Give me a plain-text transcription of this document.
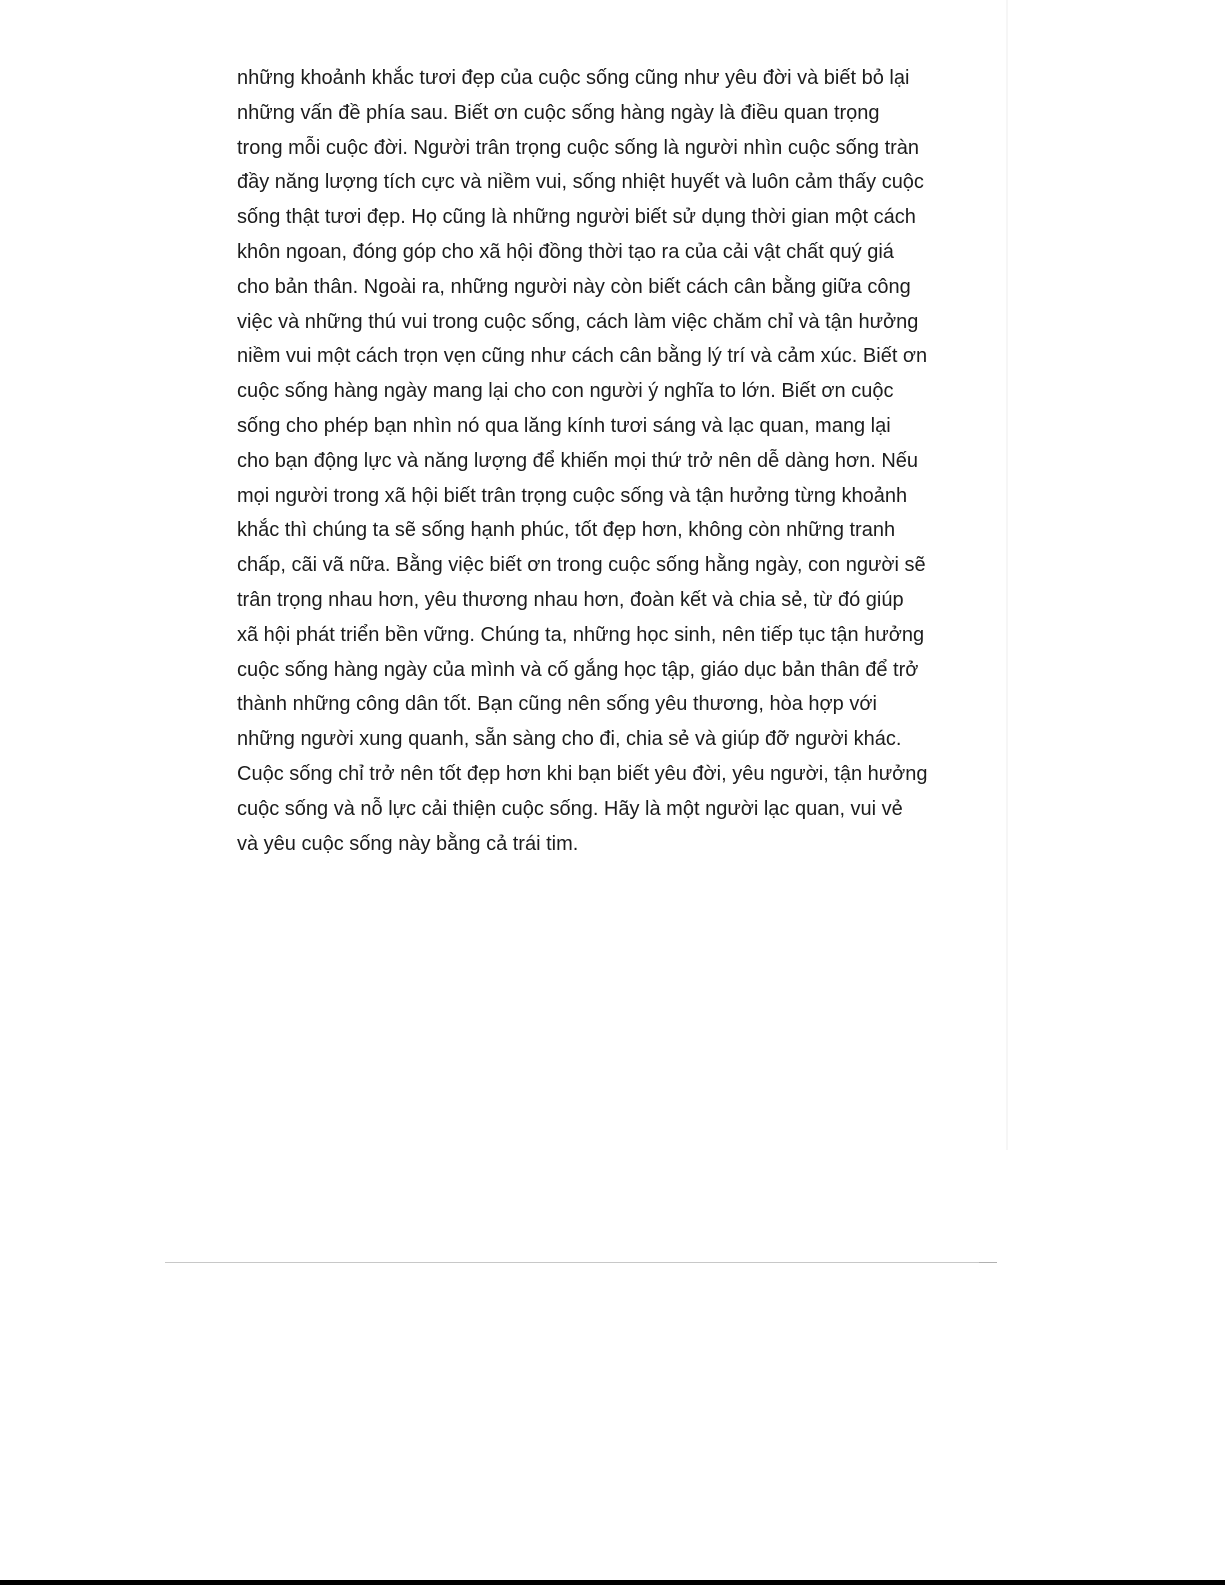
những khoảnh khắc tươi đẹp của cuộc sống cũng như yêu đời và biết bỏ lại
những vấn đề phía sau. Biết ơn cuộc sống hàng ngày là điều quan trọng
trong mỗi cuộc đời. Người trân trọng cuộc sống là người nhìn cuộc sống tràn
đầy năng lượng tích cực và niềm vui, sống nhiệt huyết và luôn cảm thấy cuộc
sống thật tươi đẹp. Họ cũng là những người biết sử dụng thời gian một cách
khôn ngoan, đóng góp cho xã hội đồng thời tạo ra của cải vật chất quý giá
cho bản thân. Ngoài ra, những người này còn biết cách cân bằng giữa công
việc và những thú vui trong cuộc sống, cách làm việc chăm chỉ và tận hưởng
niềm vui một cách trọn vẹn cũng như cách cân bằng lý trí và cảm xúc. Biết ơn
cuộc sống hàng ngày mang lại cho con người ý nghĩa to lớn. Biết ơn cuộc
sống cho phép bạn nhìn nó qua lăng kính tươi sáng và lạc quan, mang lại
cho bạn động lực và năng lượng để khiến mọi thứ trở nên dễ dàng hơn. Nếu
mọi người trong xã hội biết trân trọng cuộc sống và tận hưởng từng khoảnh
khắc thì chúng ta sẽ sống hạnh phúc, tốt đẹp hơn, không còn những tranh
chấp, cãi vã nữa. Bằng việc biết ơn trong cuộc sống hằng ngày, con người sẽ
trân trọng nhau hơn, yêu thương nhau hơn, đoàn kết và chia sẻ, từ đó giúp
xã hội phát triển bền vững. Chúng ta, những học sinh, nên tiếp tục tận hưởng
cuộc sống hàng ngày của mình và cố gắng học tập, giáo dục bản thân để trở
thành những công dân tốt. Bạn cũng nên sống yêu thương, hòa hợp với
những người xung quanh, sẵn sàng cho đi, chia sẻ và giúp đỡ người khác.
Cuộc sống chỉ trở nên tốt đẹp hơn khi bạn biết yêu đời, yêu người, tận hưởng
cuộc sống và nỗ lực cải thiện cuộc sống. Hãy là một người lạc quan, vui vẻ
và yêu cuộc sống này bằng cả trái tim.
